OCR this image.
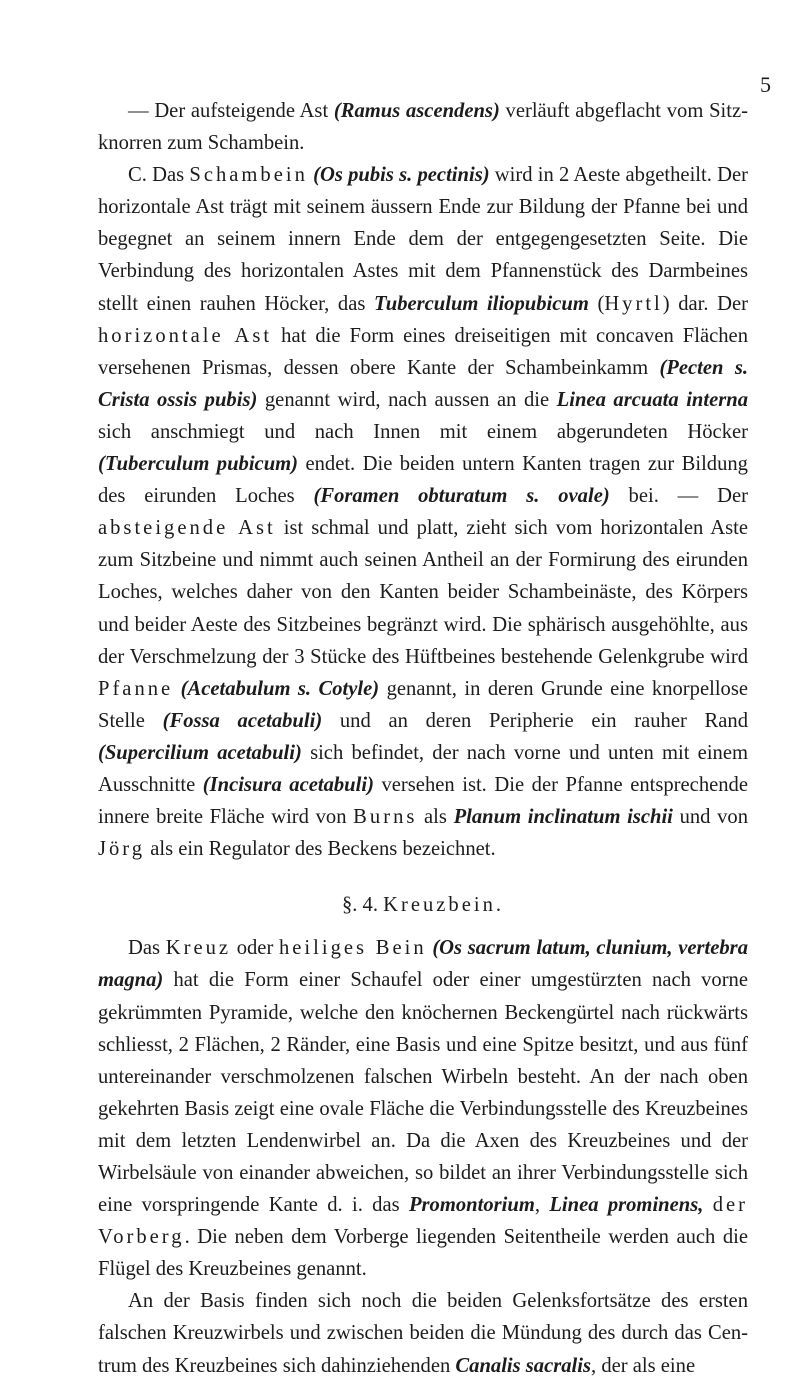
5

— Der aufsteigende Ast (Ramus ascendens) verläuft abgeflacht vom Sitzknorren zum Schambein.

C. Das Schambein (Os pubis s. pectinis) wird in 2 Aeste abgetheilt. Der horizontale Ast trägt mit seinem äussern Ende zur Bildung der Pfanne bei und begegnet an seinem innern Ende dem der entgegengesetzten Seite. Die Verbindung des horizontalen Astes mit dem Pfannenstück des Darmbeines stellt einen rauhen Höcker, das Tuberculum iliopubicum (Hyrtl) dar. Der horizontale Ast hat die Form eines dreiseitigen mit concaven Flächen versehenen Prismas, dessen obere Kante der Schambeinkamm (Pecten s. Crista ossis pubis) genannt wird, nach aussen an die Linea arcuata interna sich anschmiegt und nach Innen mit einem abgerundeten Höcker (Tuberculum pubicum) endet. Die beiden untern Kanten tragen zur Bildung des eirunden Loches (Foramen obturatum s. ovale) bei. — Der absteigende Ast ist schmal und platt, zieht sich vom horizontalen Aste zum Sitzbeine und nimmt auch seinen Antheil an der Formirung des eirunden Loches, welches daher von den Kanten beider Schambeinäste, des Körpers und beider Aeste des Sitzbeines begränzt wird. Die sphärisch ausgehöhlte, aus der Verschmelzung der 3 Stücke des Hüftbeines bestehende Gelenkgrube wird Pfanne (Acetabulum s. Cotyle) genannt, in deren Grunde eine knorpellose Stelle (Fossa acetabuli) und an deren Peripherie ein rauher Rand (Supercilium acetabuli) sich befindet, der nach vorne und unten mit einem Ausschnitte (Incisura acetabuli) versehen ist. Die der Pfanne entsprechende innere breite Fläche wird von Burns als Planum inclinatum ischii und von Jörg als ein Regulator des Beckens bezeichnet.

§. 4. Kreuzbein.

Das Kreuz oder heiliges Bein (Os sacrum latum, clunium, vertebra magna) hat die Form einer Schaufel oder einer umgestürzten nach vorne gekrümmten Pyramide, welche den knöchernen Beckengürtel nach rückwärts schliesst, 2 Flächen, 2 Ränder, eine Basis und eine Spitze besitzt, und aus fünf untereinander verschmolzenen falschen Wirbeln besteht. An der nach oben gekehrten Basis zeigt eine ovale Fläche die Verbindungsstelle des Kreuzbeines mit dem letzten Lendenwirbel an. Da die Axen des Kreuzbeines und der Wirbelsäule von einander abweichen, so bildet an ihrer Verbindungsstelle sich eine vorspringende Kante d. i. das Promontorium, Linea prominens, der Vorberg. Die neben dem Vorberge liegenden Seitentheile werden auch die Flügel des Kreuzbeines genannt.

An der Basis finden sich noch die beiden Gelenksfortsätze des ersten falschen Kreuzwirbels und zwischen beiden die Mündung des durch das Centrum des Kreuzbeines sich dahinziehenden Canalis sacralis, der als eine
